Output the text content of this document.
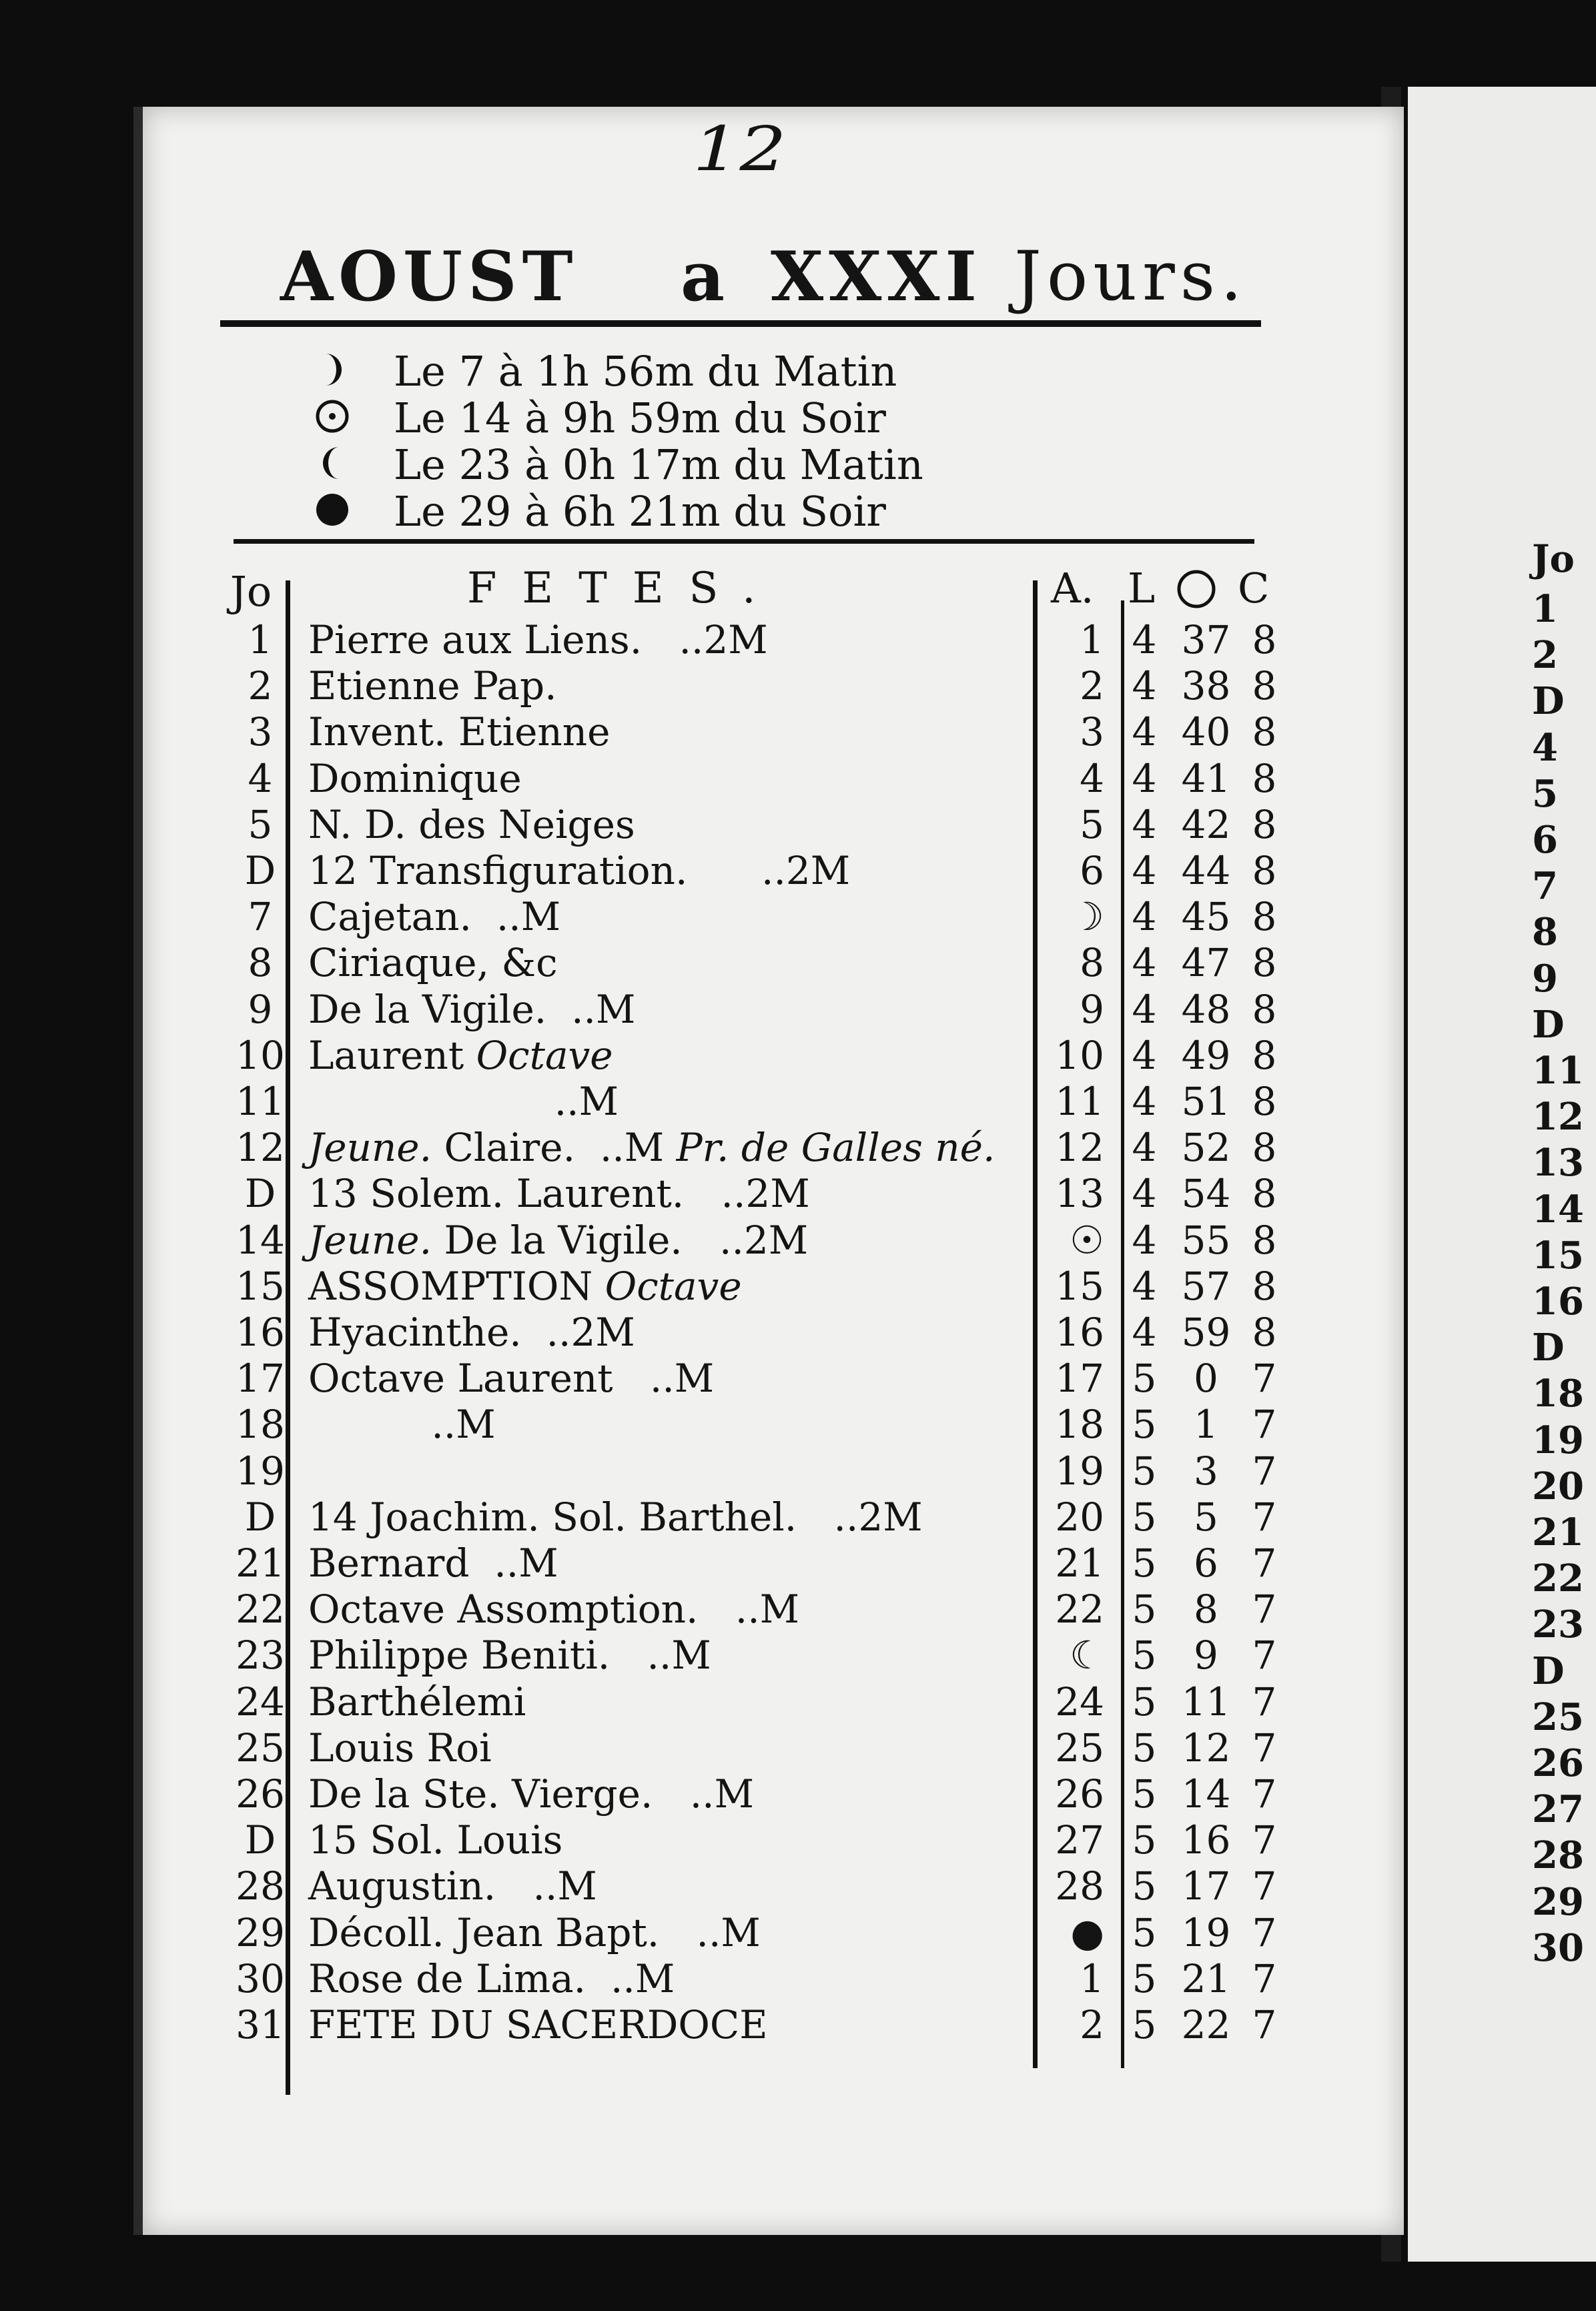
12
AOUST a XXXI Jours.
Le 7 à 1h 56m du Matin
Le 14 à 9h 59m du Soir
Le 23 à 0h 17m du Matin
Le 29 à 6h 21m du Soir
Jo	FETES.	A. L C
1 Pierre aux Liens.   ..2M	1 4 37 8
2 Etienne Pap.	2 4 38 8
3 Invent. Etienne	3 4 40 8
4 Dominique	4 4 41 8
5 N. D. des Neiges	5 4 42 8
D 12 Transfiguration.      ..2M	6 4 44 8
7 Cajetan.  ..M	☽ 4 45 8
8 Ciriaque, &c	8 4 47 8
9 De la Vigile.  ..M	9 4 48 8
10 Laurent Octave	10 4 49 8
11 ..M	11 4 51 8
12 Jeune. Claire.  ..M Pr. de Galles né.	12 4 52 8
D 13 Solem. Laurent.   ..2M	13 4 54 8
14 Jeune. De la Vigile.   ..2M	☉ 4 55 8
15 ASSOMPTION Octave	15 4 57 8
16 Hyacinthe.  ..2M	16 4 59 8
17 Octave Laurent   ..M	17 5 0 7
18 ..M	18 5 1 7
19	19 5 3 7
D 14 Joachim. Sol. Barthel.   ..2M	20 5 5 7
21 Bernard  ..M	21 5 6 7
22 Octave Assomption.   ..M	22 5 8 7
23 Philippe Beniti.   ..M	☾ 5 9 7
24 Barthélemi	24 5 11 7
25 Louis Roi	25 5 12 7
26 De la Ste. Vierge.   ..M	26 5 14 7
D 15 Sol. Louis	27 5 16 7
28 Augustin.   ..M	28 5 17 7
29 Décoll. Jean Bapt.   ..M	● 5 19 7
30 Rose de Lima.  ..M	1 5 21 7
31 FETE DU SACERDOCE	2 5 22 7
Jo
1
2
D
4
5
6
7
8
9
D
11
12
13
14
15
16
D
18
19
20
21
22
23
D
25
26
27
28
29
30
